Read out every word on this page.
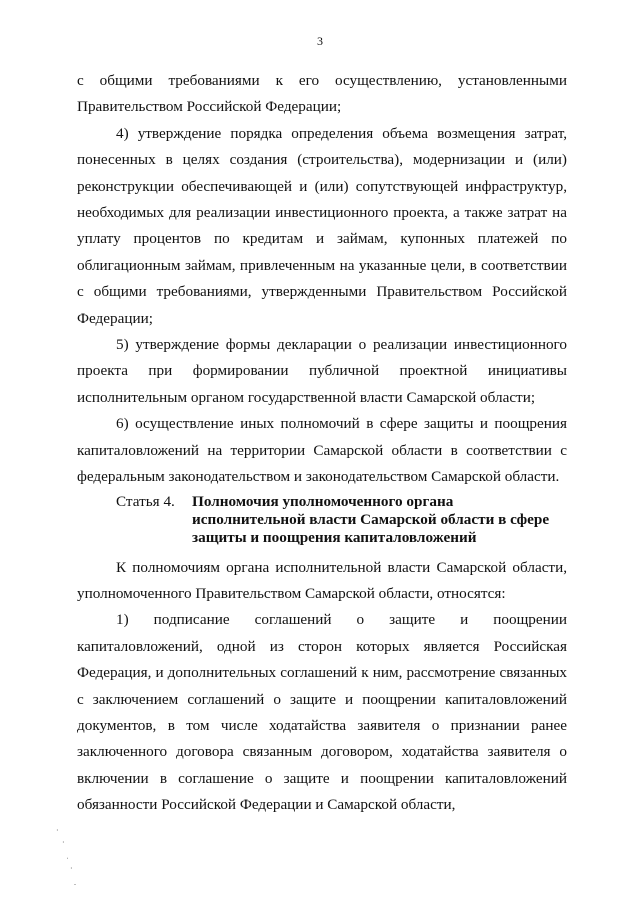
3

с общими требованиями к его осуществлению, установленными Правительством Российской Федерации;

4) утверждение порядка определения объема возмещения затрат, понесенных в целях создания (строительства), модернизации и (или) реконструкции обеспечивающей и (или) сопутствующей инфраструктур, необходимых для реализации инвестиционного проекта, а также затрат на уплату процентов по кредитам и займам, купонных платежей по облигационным займам, привлеченным на указанные цели, в соответствии с общими требованиями, утвержденными Правительством Российской Федерации;

5) утверждение формы декларации о реализации инвестиционного проекта при формировании публичной проектной инициативы исполнительным органом государственной власти Самарской области;

6) осуществление иных полномочий в сфере защиты и поощрения капиталовложений на территории Самарской области в соответствии с федеральным законодательством и законодательством Самарской области.

Статья 4.	Полномочия уполномоченного органа исполнительной власти Самарской области в сфере защиты и поощрения капиталовложений

К полномочиям органа исполнительной власти Самарской области, уполномоченного Правительством Самарской области, относятся:

1) подписание соглашений о защите и поощрении капиталовложений, одной из сторон которых является Российская Федерация, и дополнительных соглашений к ним, рассмотрение связанных с заключением соглашений о защите и поощрении капиталовложений документов, в том числе ходатайства заявителя о признании ранее заключенного договора связанным договором, ходатайства заявителя о включении в соглашение о защите и поощрении капиталовложений обязанности Российской Федерации и Самарской области,

·
·
ˌ
·
.
